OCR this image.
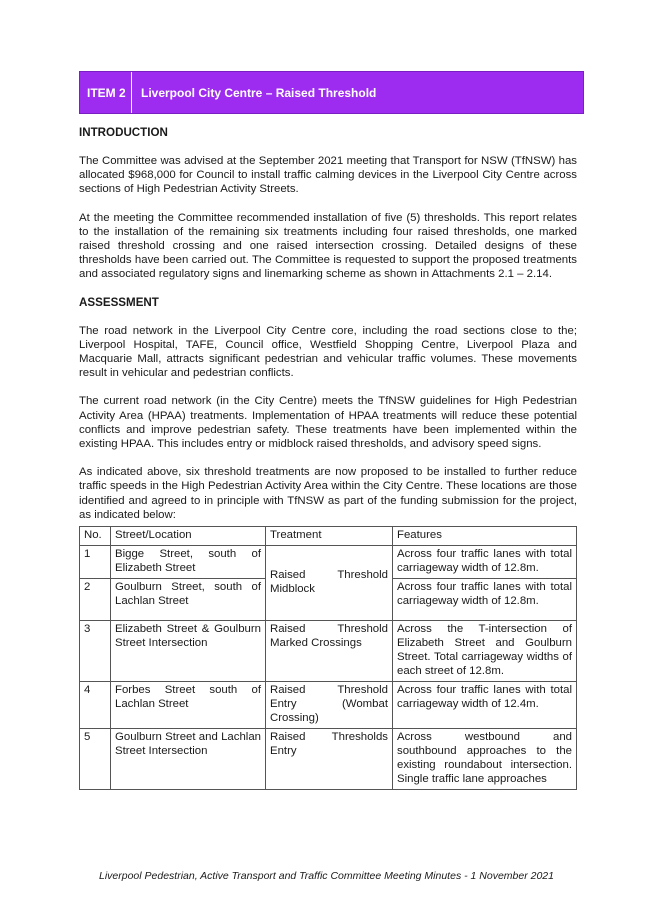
ITEM 2	Liverpool City Centre – Raised Threshold
INTRODUCTION

The Committee was advised at the September 2021 meeting that Transport for NSW (TfNSW) has allocated $968,000 for Council to install traffic calming devices in the Liverpool City Centre across sections of High Pedestrian Activity Streets.

At the meeting the Committee recommended installation of five (5) thresholds. This report relates to the installation of the remaining six treatments including four raised thresholds, one marked raised threshold crossing and one raised intersection crossing. Detailed designs of these thresholds have been carried out. The Committee is requested to support the proposed treatments and associated regulatory signs and linemarking scheme as shown in Attachments 2.1 – 2.14.

ASSESSMENT

The road network in the Liverpool City Centre core, including the road sections close to the; Liverpool Hospital, TAFE, Council office, Westfield Shopping Centre, Liverpool Plaza and Macquarie Mall, attracts significant pedestrian and vehicular traffic volumes. These movements result in vehicular and pedestrian conflicts.

The current road network (in the City Centre) meets the TfNSW guidelines for High Pedestrian Activity Area (HPAA) treatments. Implementation of HPAA treatments will reduce these potential conflicts and improve pedestrian safety. These treatments have been implemented within the existing HPAA. This includes entry or midblock raised thresholds, and advisory speed signs.

As indicated above, six threshold treatments are now proposed to be installed to further reduce traffic speeds in the High Pedestrian Activity Area within the City Centre. These locations are those identified and agreed to in principle with TfNSW as part of the funding submission for the project, as indicated below:

No.	Street/Location	Treatment	Features
1	Bigge Street, south of Elizabeth Street	Raised Threshold Midblock	Across four traffic lanes with total carriageway width of 12.8m.
2	Goulburn Street, south of Lachlan Street		Across four traffic lanes with total carriageway width of 12.8m.
3	Elizabeth Street & Goulburn Street Intersection	Raised Threshold Marked Crossings	Across the T-intersection of Elizabeth Street and Goulburn Street. Total carriageway widths of each street of 12.8m.
4	Forbes Street south of Lachlan Street	Raised Threshold Entry (Wombat Crossing)	Across four traffic lanes with total carriageway width of 12.4m.
5	Goulburn Street and Lachlan Street Intersection	Raised Thresholds Entry	Across westbound and southbound approaches to the existing roundabout intersection. Single traffic lane approaches
Liverpool Pedestrian, Active Transport and Traffic Committee Meeting Minutes - 1 November 2021
